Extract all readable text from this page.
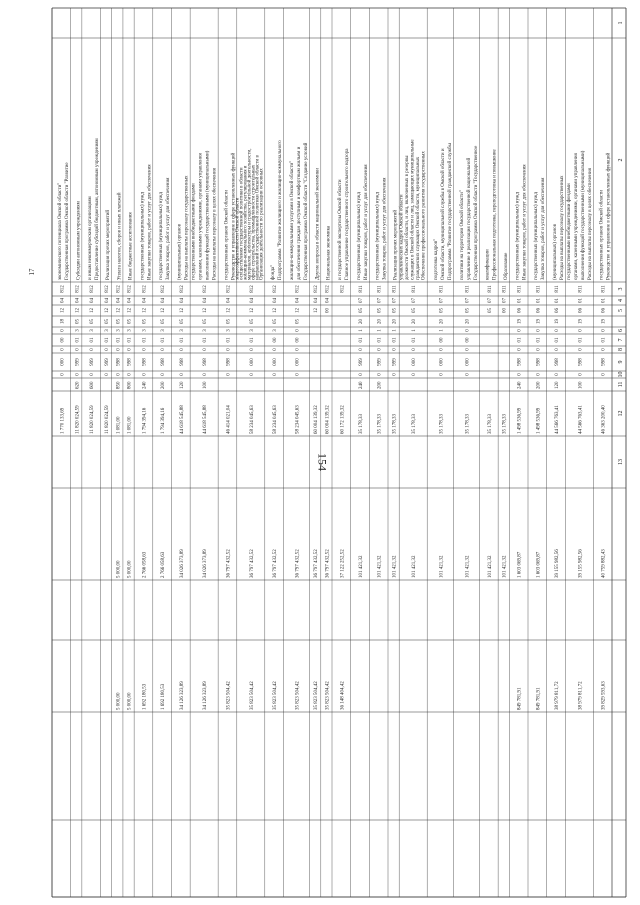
154
1
2
3
4
5
6
7
8
9
10
11
12
13
Руководство и управление в сфере установленных функций
государственных органов Омской области
811
01
06
19
0
01
0
998
0
46 363 200,40
40 759 882,43
39 829 593,63
Расходы на выплаты персоналу в целях обеспечения
выполнения функций государственными (муниципальными)
органами, казенными учреждениями, органами управления
государственными внебюджетными фондами
811
01
06
19
0
01
0
998
0
100
44 566 763,41
39 155 982,56
38 979 811,72
Расходы на выплаты персоналу государственных
(муниципальных) органов
811
01
06
19
0
01
0
998
0
120
44 566 763,41
39 155 982,56
38 979 811,72
Закупка товаров, работ и услуг для обеспечения
государственных (муниципальных) нужд
811
01
06
19
0
01
0
998
0
200
1 498 536,99
1 603 069,87
849 781,91
Иные закупки товаров, работ и услуг для обеспечения
государственных (муниципальных) нужд
811
01
06
19
0
01
0
998
0
240
1 498 536,99
1 603 069,87
849 781,91
Образование
811
07
00
35 178,33
101 421,32
Профессиональная подготовка, переподготовка и повышение
квалификации
811
07
05
35 178,33
101 421,32
Государственная программа Омской области "Государственное
управление и реализация государственной национальной
политики на территории Омской области"
811
07
05
20
0
00
0
000
0
35 178,33
101 421,32
Подпрограмма "Развитие государственной гражданской службы
Омской области, муниципальной службы в Омской области и
подготовка кадров"
811
07
05
20
1
00
0
000
0
35 178,33
101 421,32
Обеспечение профессионального развития государственных
гражданских служащих Омской области, муниципальных
служащих в Омской области и лиц, замещающих муниципальные
должности Омской области, и лиц, включенных в резервы
управленческих кадров Омской области
811
07
05
20
1
01
0
000
0
35 178,33
101 421,32
Реализация прочих мероприятий
811
07
05
20
1
01
0
999
0
35 178,33
101 421,32
Закупка товаров, работ и услуг для обеспечения
государственных (муниципальных) нужд
811
07
05
20
1
01
0
999
0
200
35 178,33
101 421,32
Иные закупки товаров, работ и услуг для обеспечения
государственных (муниципальных) нужд
811
07
05
20
1
01
0
999
0
240
35 178,33
101 421,32
Главное управление государственного строительного надзора
и государственной экспертизы Омской области
812
60 172 139,32
37 122 252,52
36 148 404,42
Национальная экономика
812
04
00
60 004 139,32
36 797 432,52
35 823 504,42
Другие вопросы в области национальной экономики
812
04
12
60 004 139,32
36 797 432,52
35 823 504,42
Государственная программа Омской области "Создание условий
для обеспечения граждан доступным и комфортным жильем и
жилищно-коммунальными услугами в Омской области"
812
04
12
05
0
00
0
000
0
58 234 045,63
36 797 432,52
35 823 504,42
Подпрограмма "Развитие жилищного и жилищно-коммунального
фонда"
812
04
12
05
3
00
0
000
0
58 234 045,63
36 797 432,52
35 823 504,42
Организация деятельности по реализации основных
направлений государственной политики Омской области в
сфере строительства, промышленности строительных
материалов, архитектуры и градостроительной деятельности,
жилищно-коммунального хозяйства, регулирования и
осуществления государственной политики в области
энергоэффективности Омской области
812
04
12
05
3
01
0
000
0
58 234 045,63
36 797 432,52
35 823 504,42
Руководство и управление в сфере установленных функций
государственных органов Омской области
812
04
12
05
3
01
0
998
0
46 414 021,04
36 797 432,52
35 823 504,42
Расходы на выплаты персоналу в целях обеспечения
выполнения функций государственными (муниципальными)
органами, казенными учреждениями, органами управления
государственными внебюджетными фондами
812
04
12
05
3
01
0
998
0
100
44 618 545,88
34 026 373,89
34 126 323,89
Расходы на выплаты персоналу государственных
(муниципальных) органов
812
04
12
05
3
01
0
998
0
120
44 618 545,88
34 026 373,89
34 126 323,89
Закупка товаров, работ и услуг для обеспечения
государственных (муниципальных) нужд
812
04
12
05
3
01
0
998
0
200
1 794 394,16
2 766 058,63
1 692 180,53
Иные закупки товаров, работ и услуг для обеспечения
государственных (муниципальных) нужд
812
04
12
05
3
01
0
998
0
240
1 794 394,16
2 766 058,63
1 692 180,53
Иные бюджетные ассигнования
812
04
12
05
3
01
0
998
0
800
1 081,00
5 000,00
5 000,00
Уплата налогов, сборов и иных платежей
812
04
12
05
3
01
0
998
0
850
1 081,00
5 000,00
5 000,00
Реализация прочих мероприятий
812
04
12
05
3
01
0
999
0
11 820 024,59
Предоставление субсидий бюджетным, автономным учреждениям
и иным некоммерческим организациям
812
04
12
05
3
01
0
999
0
600
11 820 024,59
Субсидии автономным учреждениям
812
04
12
05
3
01
0
999
0
620
11 820 024,59
Государственная программа Омской области "Развитие
экономического потенциала Омской области"
812
04
12
18
0
00
0
000
0
1 770 133,69
17
